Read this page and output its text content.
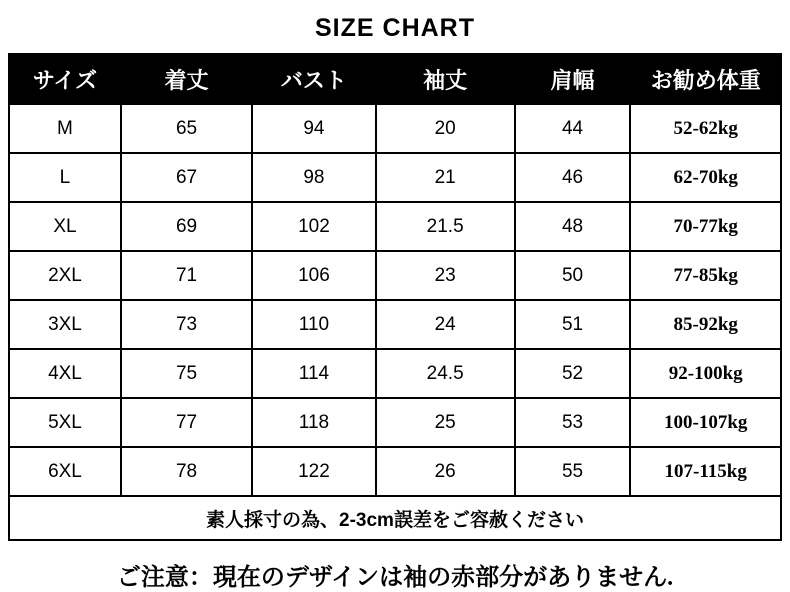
SIZE CHART
サイズ	着丈	バスト	袖丈	肩幅	お勧め体重
M	65	94	20	44	52-62kg
L	67	98	21	46	62-70kg
XL	69	102	21.5	48	70-77kg
2XL	71	106	23	50	77-85kg
3XL	73	110	24	51	85-92kg
4XL	75	114	24.5	52	92-100kg
5XL	77	118	25	53	100-107kg
6XL	78	122	26	55	107-115kg
素人採寸の為、2-3cm誤差をご容赦ください					
ご注意：現在のデザインは袖の赤部分がありません.
